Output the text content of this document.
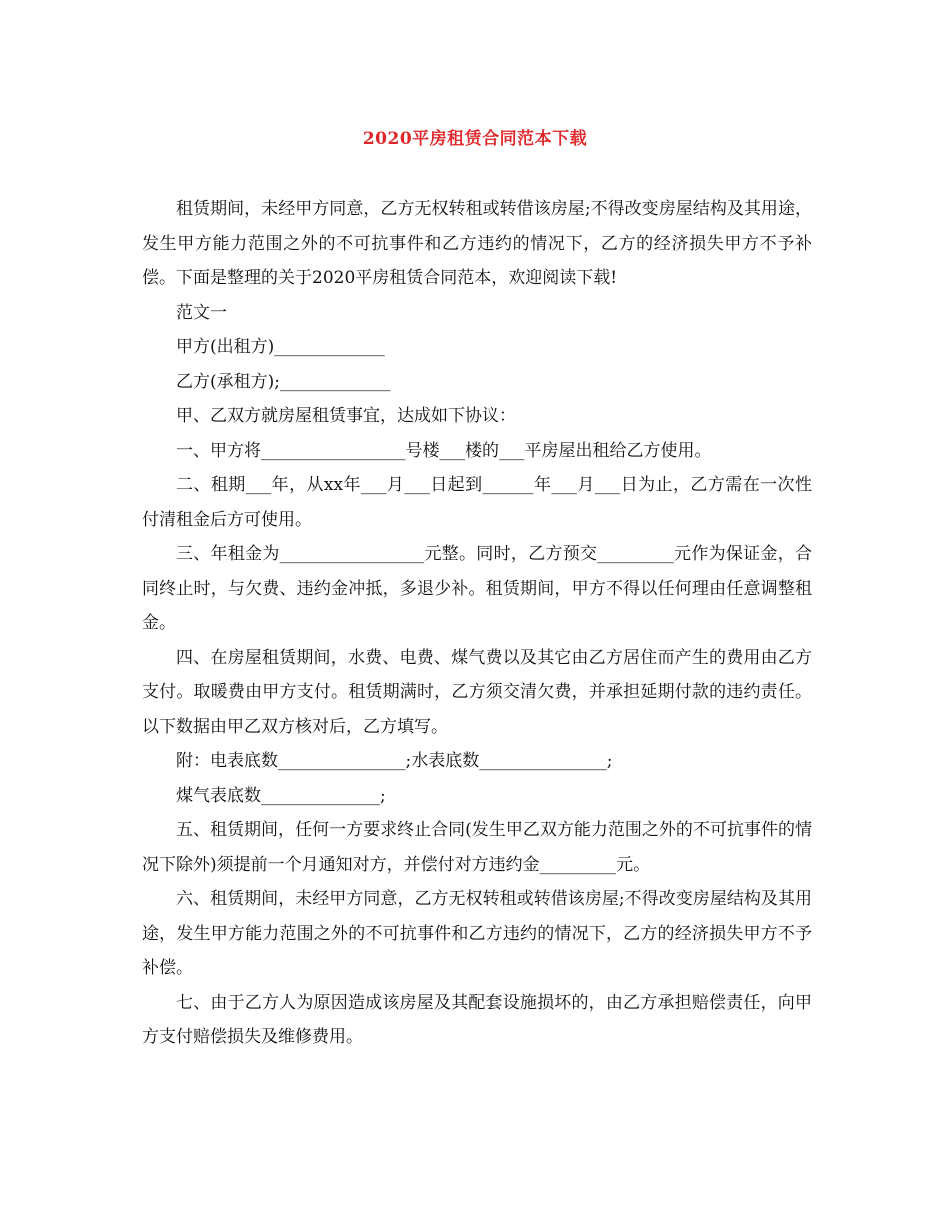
2020平房租赁合同范本下载

租赁期间，未经甲方同意，乙方无权转租或转借该房屋;不得改变房屋结构及其用途，发生甲方能力范围之外的不可抗事件和乙方违约的情况下，乙方的经济损失甲方不予补偿。下面是整理的关于2020平房租赁合同范本，欢迎阅读下载!

范文一

甲方(出租方)_____________

乙方(承租方);_____________

甲、乙双方就房屋租赁事宜，达成如下协议：

一、甲方将_________________号楼___楼的___平房屋出租给乙方使用。

二、租期___年，从xx年___月___日起到______年___月___日为止，乙方需在一次性付清租金后方可使用。

三、年租金为_________________元整。同时，乙方预交_________元作为保证金，合同终止时，与欠费、违约金冲抵，多退少补。租赁期间，甲方不得以任何理由任意调整租金。

四、在房屋租赁期间，水费、电费、煤气费以及其它由乙方居住而产生的费用由乙方支付。取暖费由甲方支付。租赁期满时，乙方须交清欠费，并承担延期付款的违约责任。以下数据由甲乙双方核对后，乙方填写。

附：电表底数_______________;水表底数_______________;

煤气表底数______________;

五、租赁期间，任何一方要求终止合同(发生甲乙双方能力范围之外的不可抗事件的情况下除外)须提前一个月通知对方，并偿付对方违约金_________元。

六、租赁期间，未经甲方同意，乙方无权转租或转借该房屋;不得改变房屋结构及其用途，发生甲方能力范围之外的不可抗事件和乙方违约的情况下，乙方的经济损失甲方不予补偿。

七、由于乙方人为原因造成该房屋及其配套设施损坏的，由乙方承担赔偿责任，向甲方支付赔偿损失及维修费用。
